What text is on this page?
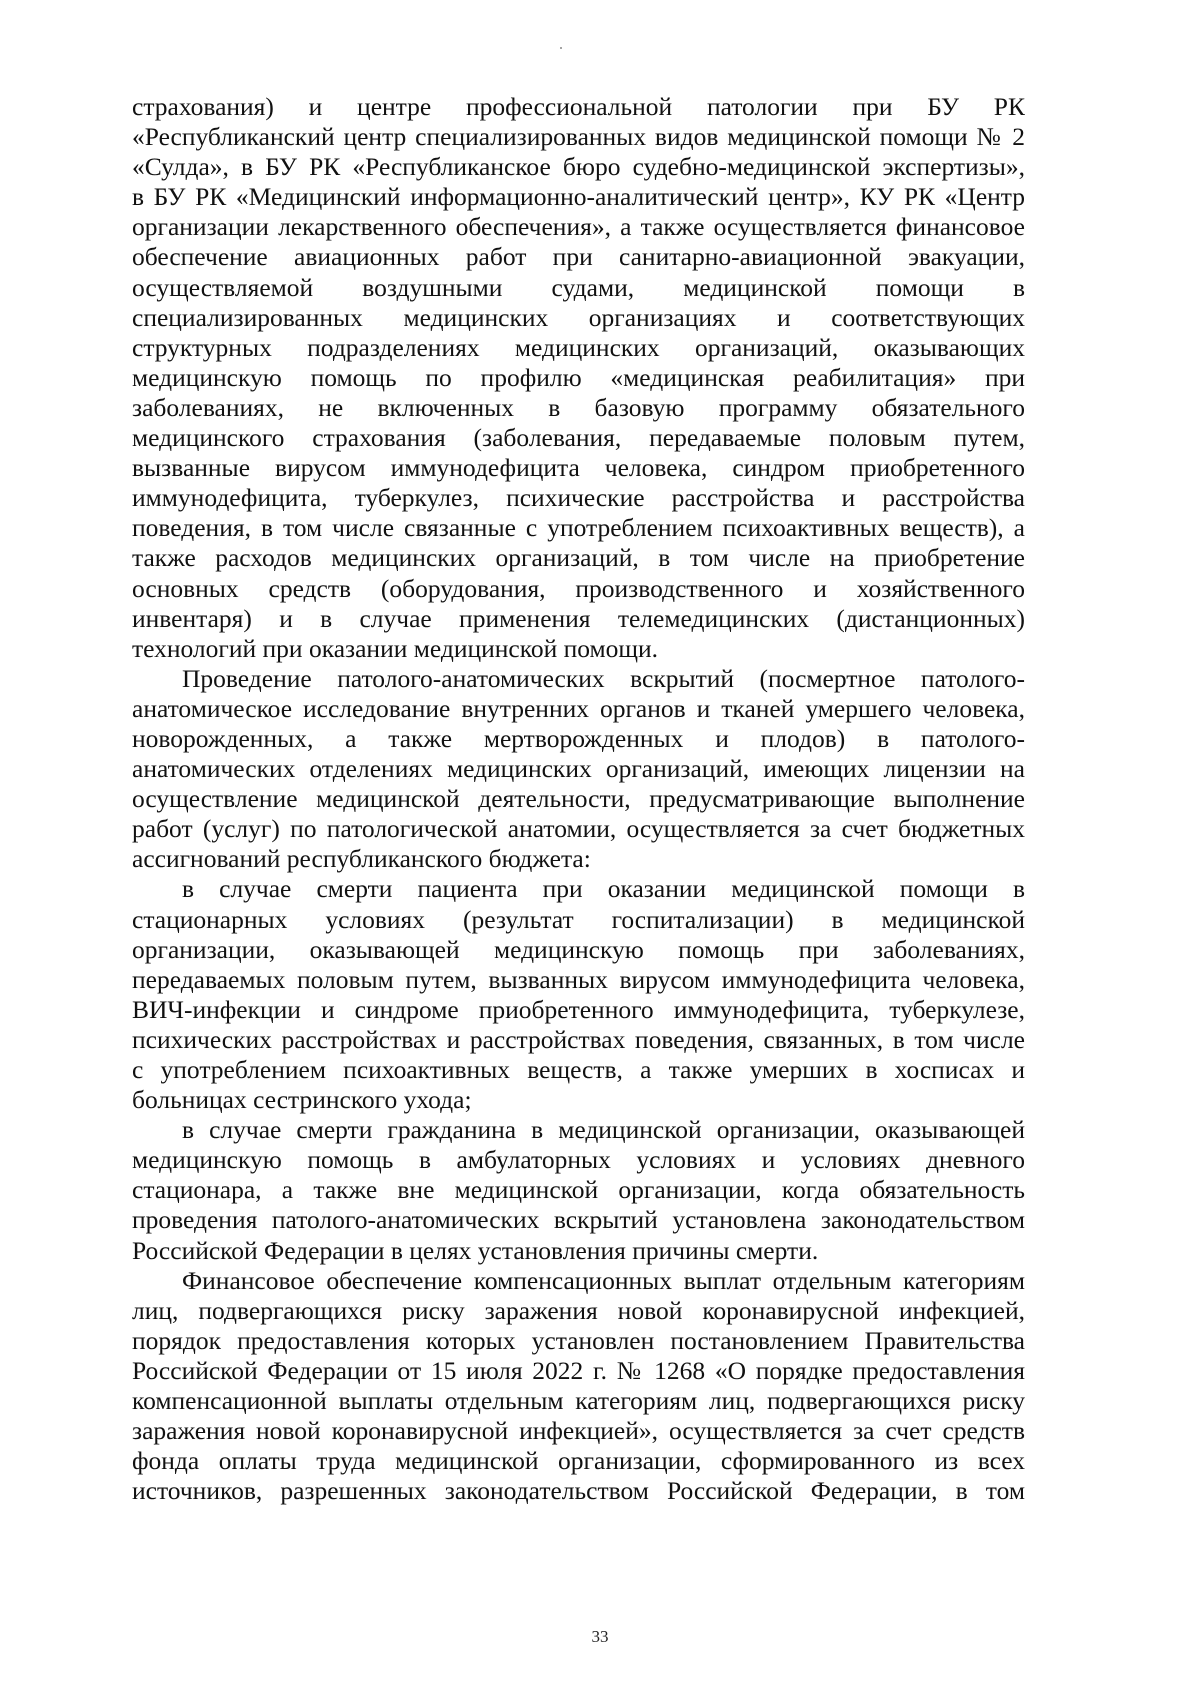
страхования) и центре профессиональной патологии при БУ РК
«Республиканский центр специализированных видов медицинской помощи № 2
«Сулда», в БУ РК «Республиканское бюро судебно-медицинской экспертизы»,
в БУ РК «Медицинский информационно-аналитический центр», КУ РК «Центр
организации лекарственного обеспечения», а также осуществляется финансовое
обеспечение авиационных работ при санитарно-авиационной эвакуации,
осуществляемой воздушными судами, медицинской помощи в
специализированных медицинских организациях и соответствующих
структурных подразделениях медицинских организаций, оказывающих
медицинскую помощь по профилю «медицинская реабилитация» при
заболеваниях, не включенных в базовую программу обязательного
медицинского страхования (заболевания, передаваемые половым путем,
вызванные вирусом иммунодефицита человека, синдром приобретенного
иммунодефицита, туберкулез, психические расстройства и расстройства
поведения, в том числе связанные с употреблением психоактивных веществ), а
также расходов медицинских организаций, в том числе на приобретение
основных средств (оборудования, производственного и хозяйственного
инвентаря) и в случае применения телемедицинских (дистанционных)
технологий при оказании медицинской помощи.
Проведение патолого-анатомических вскрытий (посмертное патолого-
анатомическое исследование внутренних органов и тканей умершего человека,
новорожденных, а также мертворожденных и плодов) в патолого-
анатомических отделениях медицинских организаций, имеющих лицензии на
осуществление медицинской деятельности, предусматривающие выполнение
работ (услуг) по патологической анатомии, осуществляется за счет бюджетных
ассигнований республиканского бюджета:
в случае смерти пациента при оказании медицинской помощи в
стационарных условиях (результат госпитализации) в медицинской
организации, оказывающей медицинскую помощь при заболеваниях,
передаваемых половым путем, вызванных вирусом иммунодефицита человека,
ВИЧ-инфекции и синдроме приобретенного иммунодефицита, туберкулезе,
психических расстройствах и расстройствах поведения, связанных, в том числе
с употреблением психоактивных веществ, а также умерших в хосписах и
больницах сестринского ухода;
в случае смерти гражданина в медицинской организации, оказывающей
медицинскую помощь в амбулаторных условиях и условиях дневного
стационара, а также вне медицинской организации, когда обязательность
проведения патолого-анатомических вскрытий установлена законодательством
Российской Федерации в целях установления причины смерти.
Финансовое обеспечение компенсационных выплат отдельным категориям
лиц, подвергающихся риску заражения новой коронавирусной инфекцией,
порядок предоставления которых установлен постановлением Правительства
Российской Федерации от 15 июля 2022 г. № 1268 «О порядке предоставления
компенсационной выплаты отдельным категориям лиц, подвергающихся риску
заражения новой коронавирусной инфекцией», осуществляется за счет средств
фонда оплаты труда медицинской организации, сформированного из всех
источников, разрешенных законодательством Российской Федерации, в том
33
